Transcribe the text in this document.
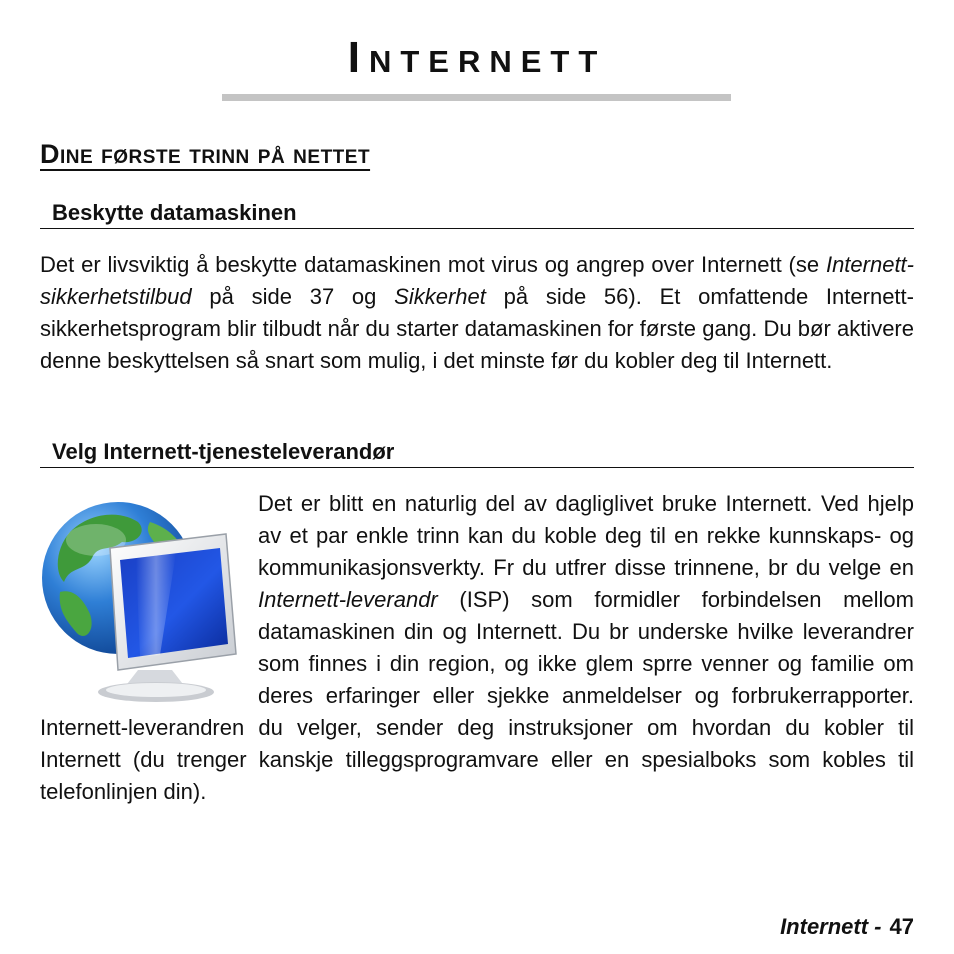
Internett
Dine første trinn på nettet
Beskytte datamaskinen

Det er livsviktig å beskytte datamaskinen mot virus og angrep over Internett (se Internett-sikkerhetstilbud på side 37 og Sikkerhet på side 56). Et omfattende Internett-sikkerhetsprogram blir tilbudt når du starter datamaskinen for første gang. Du bør aktivere denne beskyttelsen så snart som mulig, i det minste før du kobler deg til Internett.

Velg Internett-tjenesteleverandør

Det er blitt en naturlig del av dagliglivet bruke Internett. Ved hjelp av et par enkle trinn kan du koble deg til en rekke kunnskaps- og kommunikasjonsverkty. Fr du utfrer disse trinnene, br du velge en Internett-leverandr (ISP) som formidler forbindelsen mellom datamaskinen din og Internett. Du br underske hvilke leverandrer som finnes i din region, og ikke glem sprre venner og familie om deres erfaringer eller sjekke anmeldelser og forbrukerrapporter. Internett-leverandren du velger, sender deg instruksjoner om hvordan du kobler til Internett (du trenger kanskje tilleggsprogramvare eller en spesialboks som kobles til telefonlinjen din).

Internett - 47
